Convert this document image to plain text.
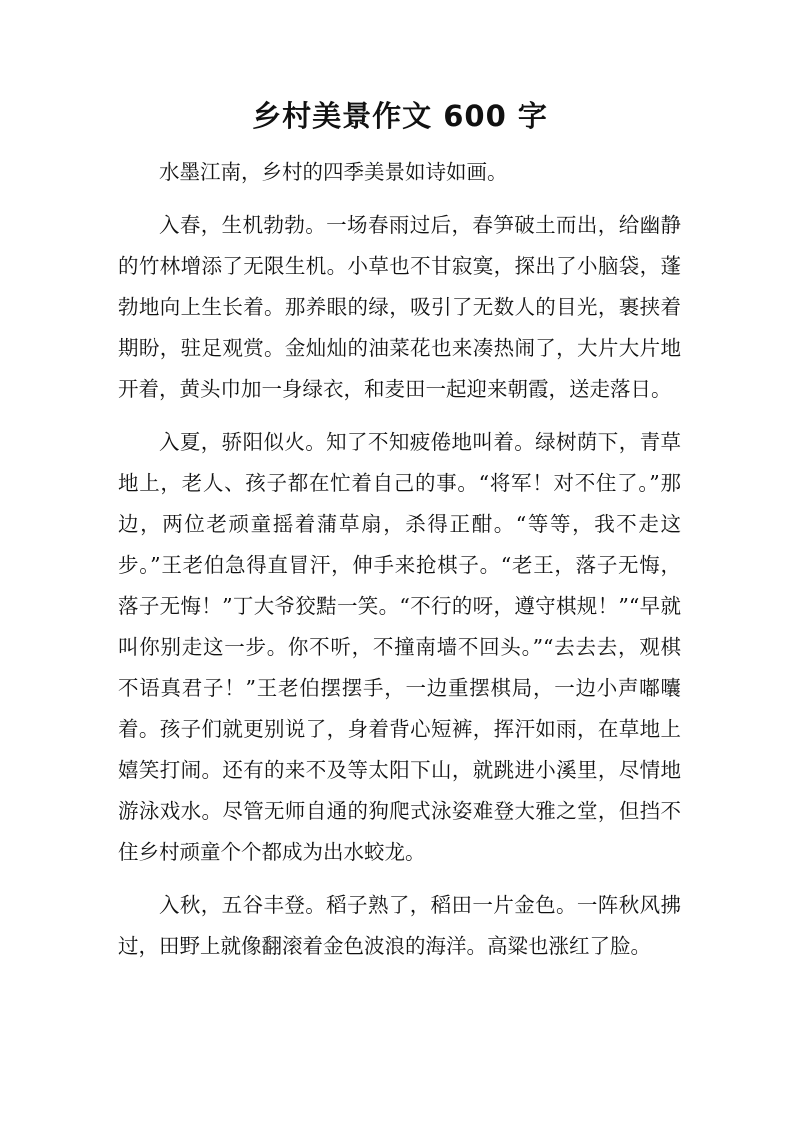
乡村美景作文 600 字

水墨江南，乡村的四季美景如诗如画。

入春，生机勃勃。一场春雨过后，春笋破土而出，给幽静的竹林增添了无限生机。小草也不甘寂寞，探出了小脑袋，蓬勃地向上生长着。那养眼的绿，吸引了无数人的目光，裹挟着期盼，驻足观赏。金灿灿的油菜花也来凑热闹了，大片大片地开着，黄头巾加一身绿衣，和麦田一起迎来朝霞，送走落日。

入夏，骄阳似火。知了不知疲倦地叫着。绿树荫下，青草地上，老人、孩子都在忙着自己的事。“将军！对不住了。”那边，两位老顽童摇着蒲草扇，杀得正酣。“等等，我不走这步。”王老伯急得直冒汗，伸手来抢棋子。“老王，落子无悔，落子无悔！”丁大爷狡黠一笑。“不行的呀，遵守棋规！”“早就叫你别走这一步。你不听，不撞南墙不回头。”“去去去，观棋不语真君子！”王老伯摆摆手，一边重摆棋局，一边小声嘟囔着。孩子们就更别说了，身着背心短裤，挥汗如雨，在草地上嬉笑打闹。还有的来不及等太阳下山，就跳进小溪里，尽情地游泳戏水。尽管无师自通的狗爬式泳姿难登大雅之堂，但挡不住乡村顽童个个都成为出水蛟龙。

入秋，五谷丰登。稻子熟了，稻田一片金色。一阵秋风拂过，田野上就像翻滚着金色波浪的海洋。高粱也涨红了脸。
